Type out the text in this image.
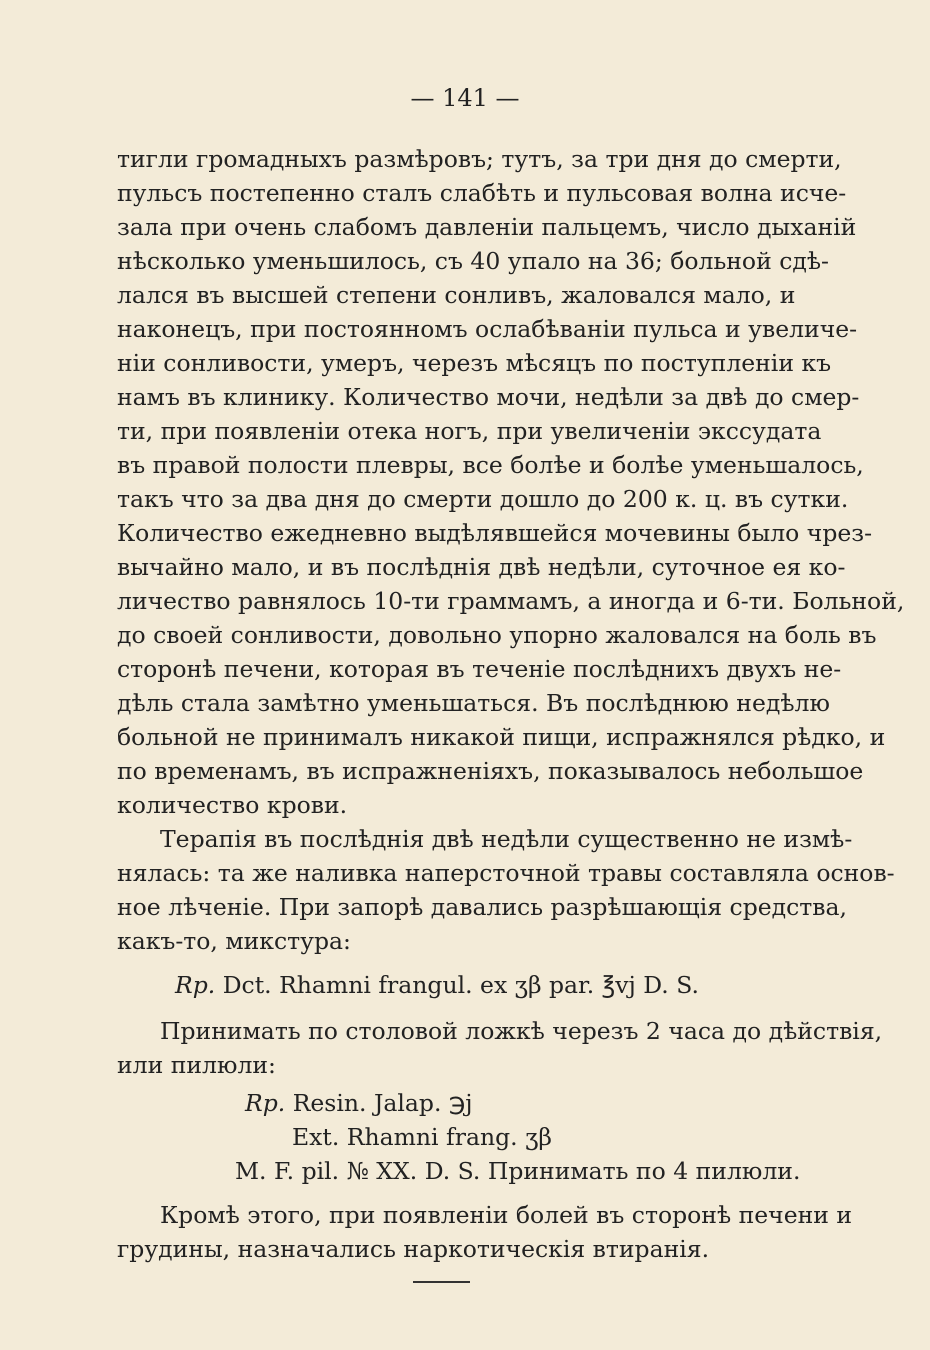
— 141 —
тигли громадныхъ размѣровъ; тутъ, за три дня до смерти,
пульсъ постепенно сталъ слабѣть и пульсовая волна исче-
зала при очень слабомъ давленіи пальцемъ, число дыханій
нѣсколько уменьшилось, съ 40 упало на 36; больной сдѣ-
лался въ высшей степени сонливъ, жаловался мало, и
наконецъ, при постоянномъ ослабѣваніи пульса и увеличе-
ніи сонливости, умеръ, черезъ мѣсяцъ по поступленіи къ
намъ въ клинику. Количество мочи, недѣли за двѣ до смер-
ти, при появленіи отека ногъ, при увеличеніи экссудата
въ правой полости плевры, все болѣе и болѣе уменьшалось,
такъ что за два дня до смерти дошло до 200 к. ц. въ сутки.
Количество ежедневно выдѣлявшейся мочевины было чрез-
вычайно мало, и въ послѣднія двѣ недѣли, суточное ея ко-
личество равнялось 10-ти граммамъ, а иногда и 6-ти. Больной,
до своей сонливости, довольно упорно жаловался на боль въ
сторонѣ печени, которая въ теченіе послѣднихъ двухъ не-
дѣль стала замѣтно уменьшаться. Въ послѣднюю недѣлю
больной не принималъ никакой пищи, испражнялся рѣдко, и
по временамъ, въ испражненіяхъ, показывалось небольшое
количество крови.
Терапія въ послѣднія двѣ недѣли существенно не измѣ-
нялась: та же наливка наперсточной травы составляла основ-
ное лѣченіе. При запорѣ давались разрѣшающія средства,
какъ-то, микстура:
Rp. Dct. Rhamni frangul. ex ʒβ par. ℥vj D. S.
Принимать по столовой ложкѣ черезъ 2 часа до дѣйствія,
или пилюли:
Rp. Resin. Jalap. ℈j
Ext. Rhamni frang. ʒβ
M. F. pil. № XX. D. S. Принимать по 4 пилюли.
Кромѣ этого, при появленіи болей въ сторонѣ печени и
грудины, назначались наркотическія втиранія.
